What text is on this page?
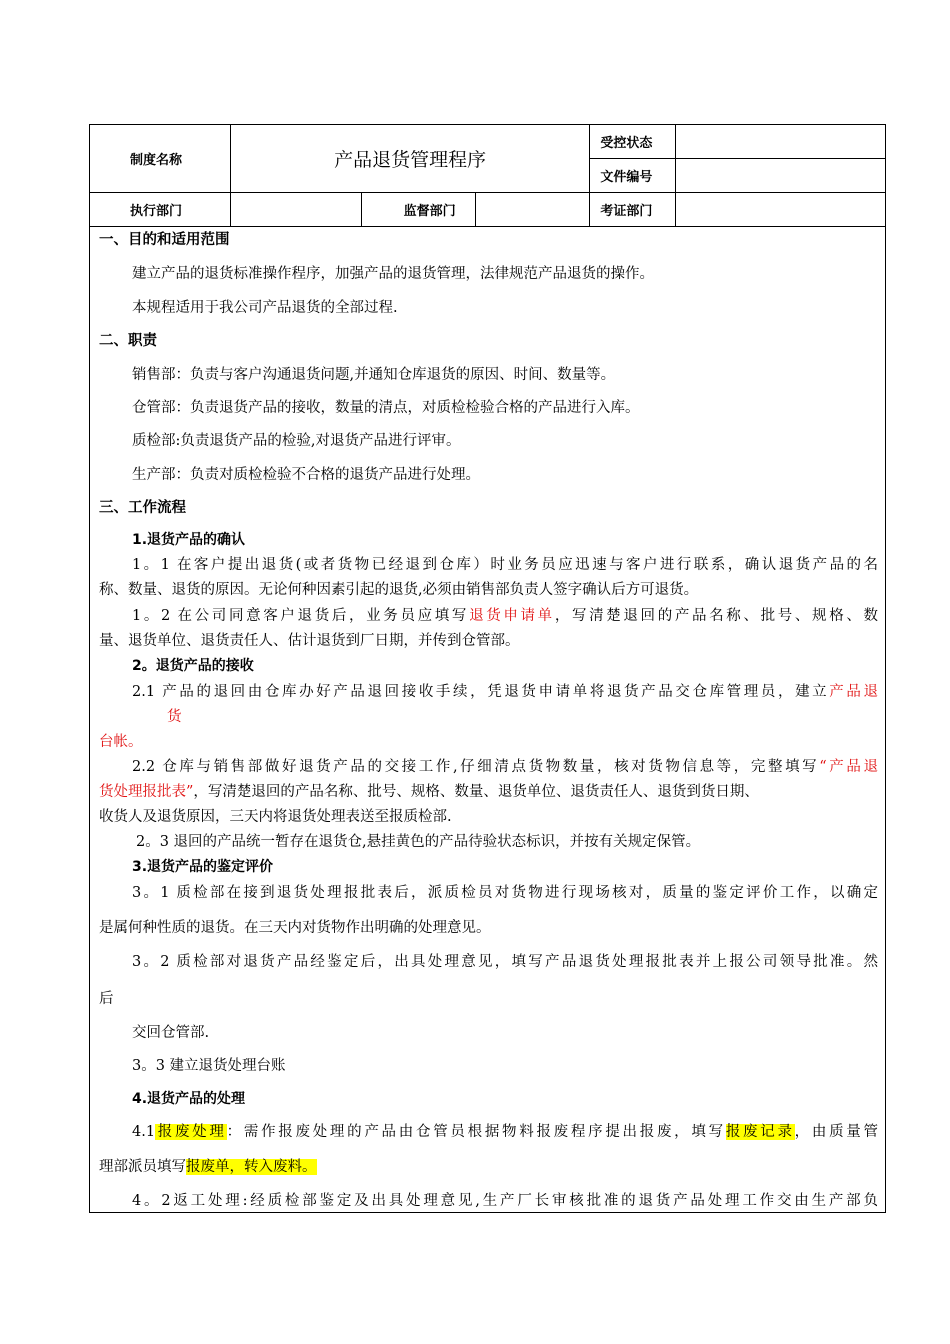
制度名称	产品退货管理程序			受控状态	
				文件编号	
执行部门		监督部门		考证部门	
一、目的和适用范围
建立产品的退货标准操作程序，加强产品的退货管理，法律规范产品退货的操作。
本规程适用于我公司产品退货的全部过程.
二、职责
销售部：负责与客户沟通退货问题,并通知仓库退货的原因、时间、数量等。
仓管部：负责退货产品的接收，数量的清点，对质检检验合格的产品进行入库。
质检部:负责退货产品的检验,对退货产品进行评审。
生产部：负责对质检检验不合格的退货产品进行处理。
三、工作流程
1.退货产品的确认
1。1 在客户提出退货(或者货物已经退到仓库）时业务员应迅速与客户进行联系，确认退货产品的名
称、数量、退货的原因。无论何种因素引起的退货,必须由销售部负责人签字确认后方可退货。
1。2 在公司同意客户退货后，业务员应填写退货申请单，写清楚退回的产品名称、批号、规格、数
量、退货单位、退货责任人、估计退货到厂日期，并传到仓管部。
2。退货产品的接收
2.1 产品的退回由仓库办好产品退回接收手续，凭退货申请单将退货产品交仓库管理员，建立产品退
货
台帐。
2.2 仓库与销售部做好退货产品的交接工作,仔细清点货物数量，核对货物信息等，完整填写“产品退
货处理报批表”，写清楚退回的产品名称、批号、规格、数量、退货单位、退货责任人、退货到货日期、
收货人及退货原因，三天内将退货处理表送至报质检部.
2。3 退回的产品统一暂存在退货仓,悬挂黄色的产品待验状态标识，并按有关规定保管。
3.退货产品的鉴定评价
3。1 质检部在接到退货处理报批表后，派质检员对货物进行现场核对，质量的鉴定评价工作，以确定
是属何种性质的退货。在三天内对货物作出明确的处理意见。
3。2 质检部对退货产品经鉴定后，出具处理意见，填写产品退货处理报批表并上报公司领导批准。然
后
交回仓管部.
3。3 建立退货处理台账
4.退货产品的处理
4.1报废处理：需作报废处理的产品由仓管员根据物料报废程序提出报废，填写报废记录，由质量管
理部派员填写报废单，转入废料。
4。2返工处理:经质检部鉴定及出具处理意见,生产厂长审核批准的退货产品处理工作交由生产部负
